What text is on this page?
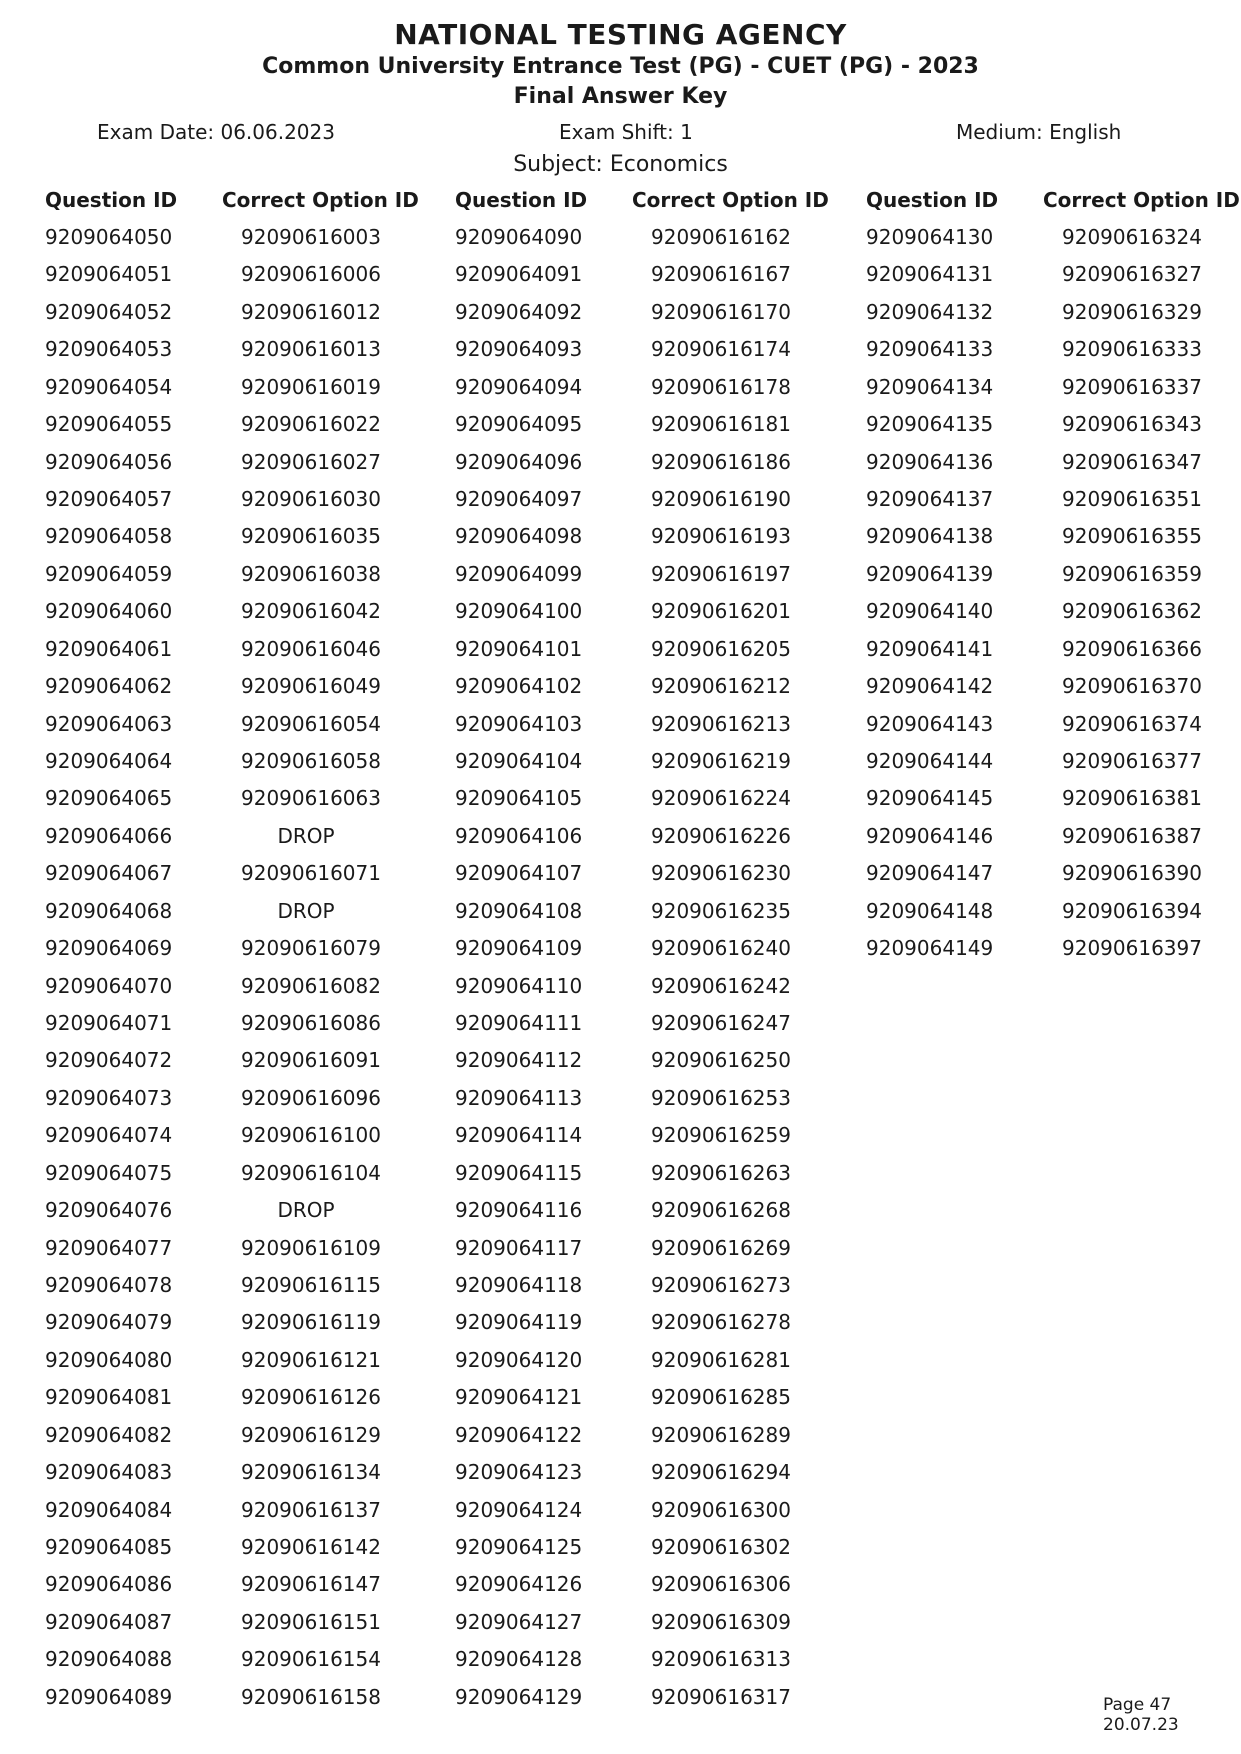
NATIONAL TESTING AGENCY
Common University Entrance Test (PG) - CUET (PG) - 2023
Final Answer Key
Exam Date: 06.06.2023	Exam Shift: 1	Medium: English
Subject: Economics
Question ID Correct Option ID
9209064050	92090616003
9209064051	92090616006
9209064052	92090616012
9209064053	92090616013
9209064054	92090616019
9209064055	92090616022
9209064056	92090616027
9209064057	92090616030
9209064058	92090616035
9209064059	92090616038
9209064060	92090616042
9209064061	92090616046
9209064062	92090616049
9209064063	92090616054
9209064064	92090616058
9209064065	92090616063
9209064066	DROP
9209064067	92090616071
9209064068	DROP
9209064069	92090616079
9209064070	92090616082
9209064071	92090616086
9209064072	92090616091
9209064073	92090616096
9209064074	92090616100
9209064075	92090616104
9209064076	DROP
9209064077	92090616109
9209064078	92090616115
9209064079	92090616119
9209064080	92090616121
9209064081	92090616126
9209064082	92090616129
9209064083	92090616134
9209064084	92090616137
9209064085	92090616142
9209064086	92090616147
9209064087	92090616151
9209064088	92090616154
9209064089	92090616158
Question ID Correct Option ID
9209064090	92090616162
9209064091	92090616167
9209064092	92090616170
9209064093	92090616174
9209064094	92090616178
9209064095	92090616181
9209064096	92090616186
9209064097	92090616190
9209064098	92090616193
9209064099	92090616197
9209064100	92090616201
9209064101	92090616205
9209064102	92090616212
9209064103	92090616213
9209064104	92090616219
9209064105	92090616224
9209064106	92090616226
9209064107	92090616230
9209064108	92090616235
9209064109	92090616240
9209064110	92090616242
9209064111	92090616247
9209064112	92090616250
9209064113	92090616253
9209064114	92090616259
9209064115	92090616263
9209064116	92090616268
9209064117	92090616269
9209064118	92090616273
9209064119	92090616278
9209064120	92090616281
9209064121	92090616285
9209064122	92090616289
9209064123	92090616294
9209064124	92090616300
9209064125	92090616302
9209064126	92090616306
9209064127	92090616309
9209064128	92090616313
9209064129	92090616317
Question ID Correct Option ID
9209064130	92090616324
9209064131	92090616327
9209064132	92090616329
9209064133	92090616333
9209064134	92090616337
9209064135	92090616343
9209064136	92090616347
9209064137	92090616351
9209064138	92090616355
9209064139	92090616359
9209064140	92090616362
9209064141	92090616366
9209064142	92090616370
9209064143	92090616374
9209064144	92090616377
9209064145	92090616381
9209064146	92090616387
9209064147	92090616390
9209064148	92090616394
9209064149	92090616397
Page 47
20.07.23
